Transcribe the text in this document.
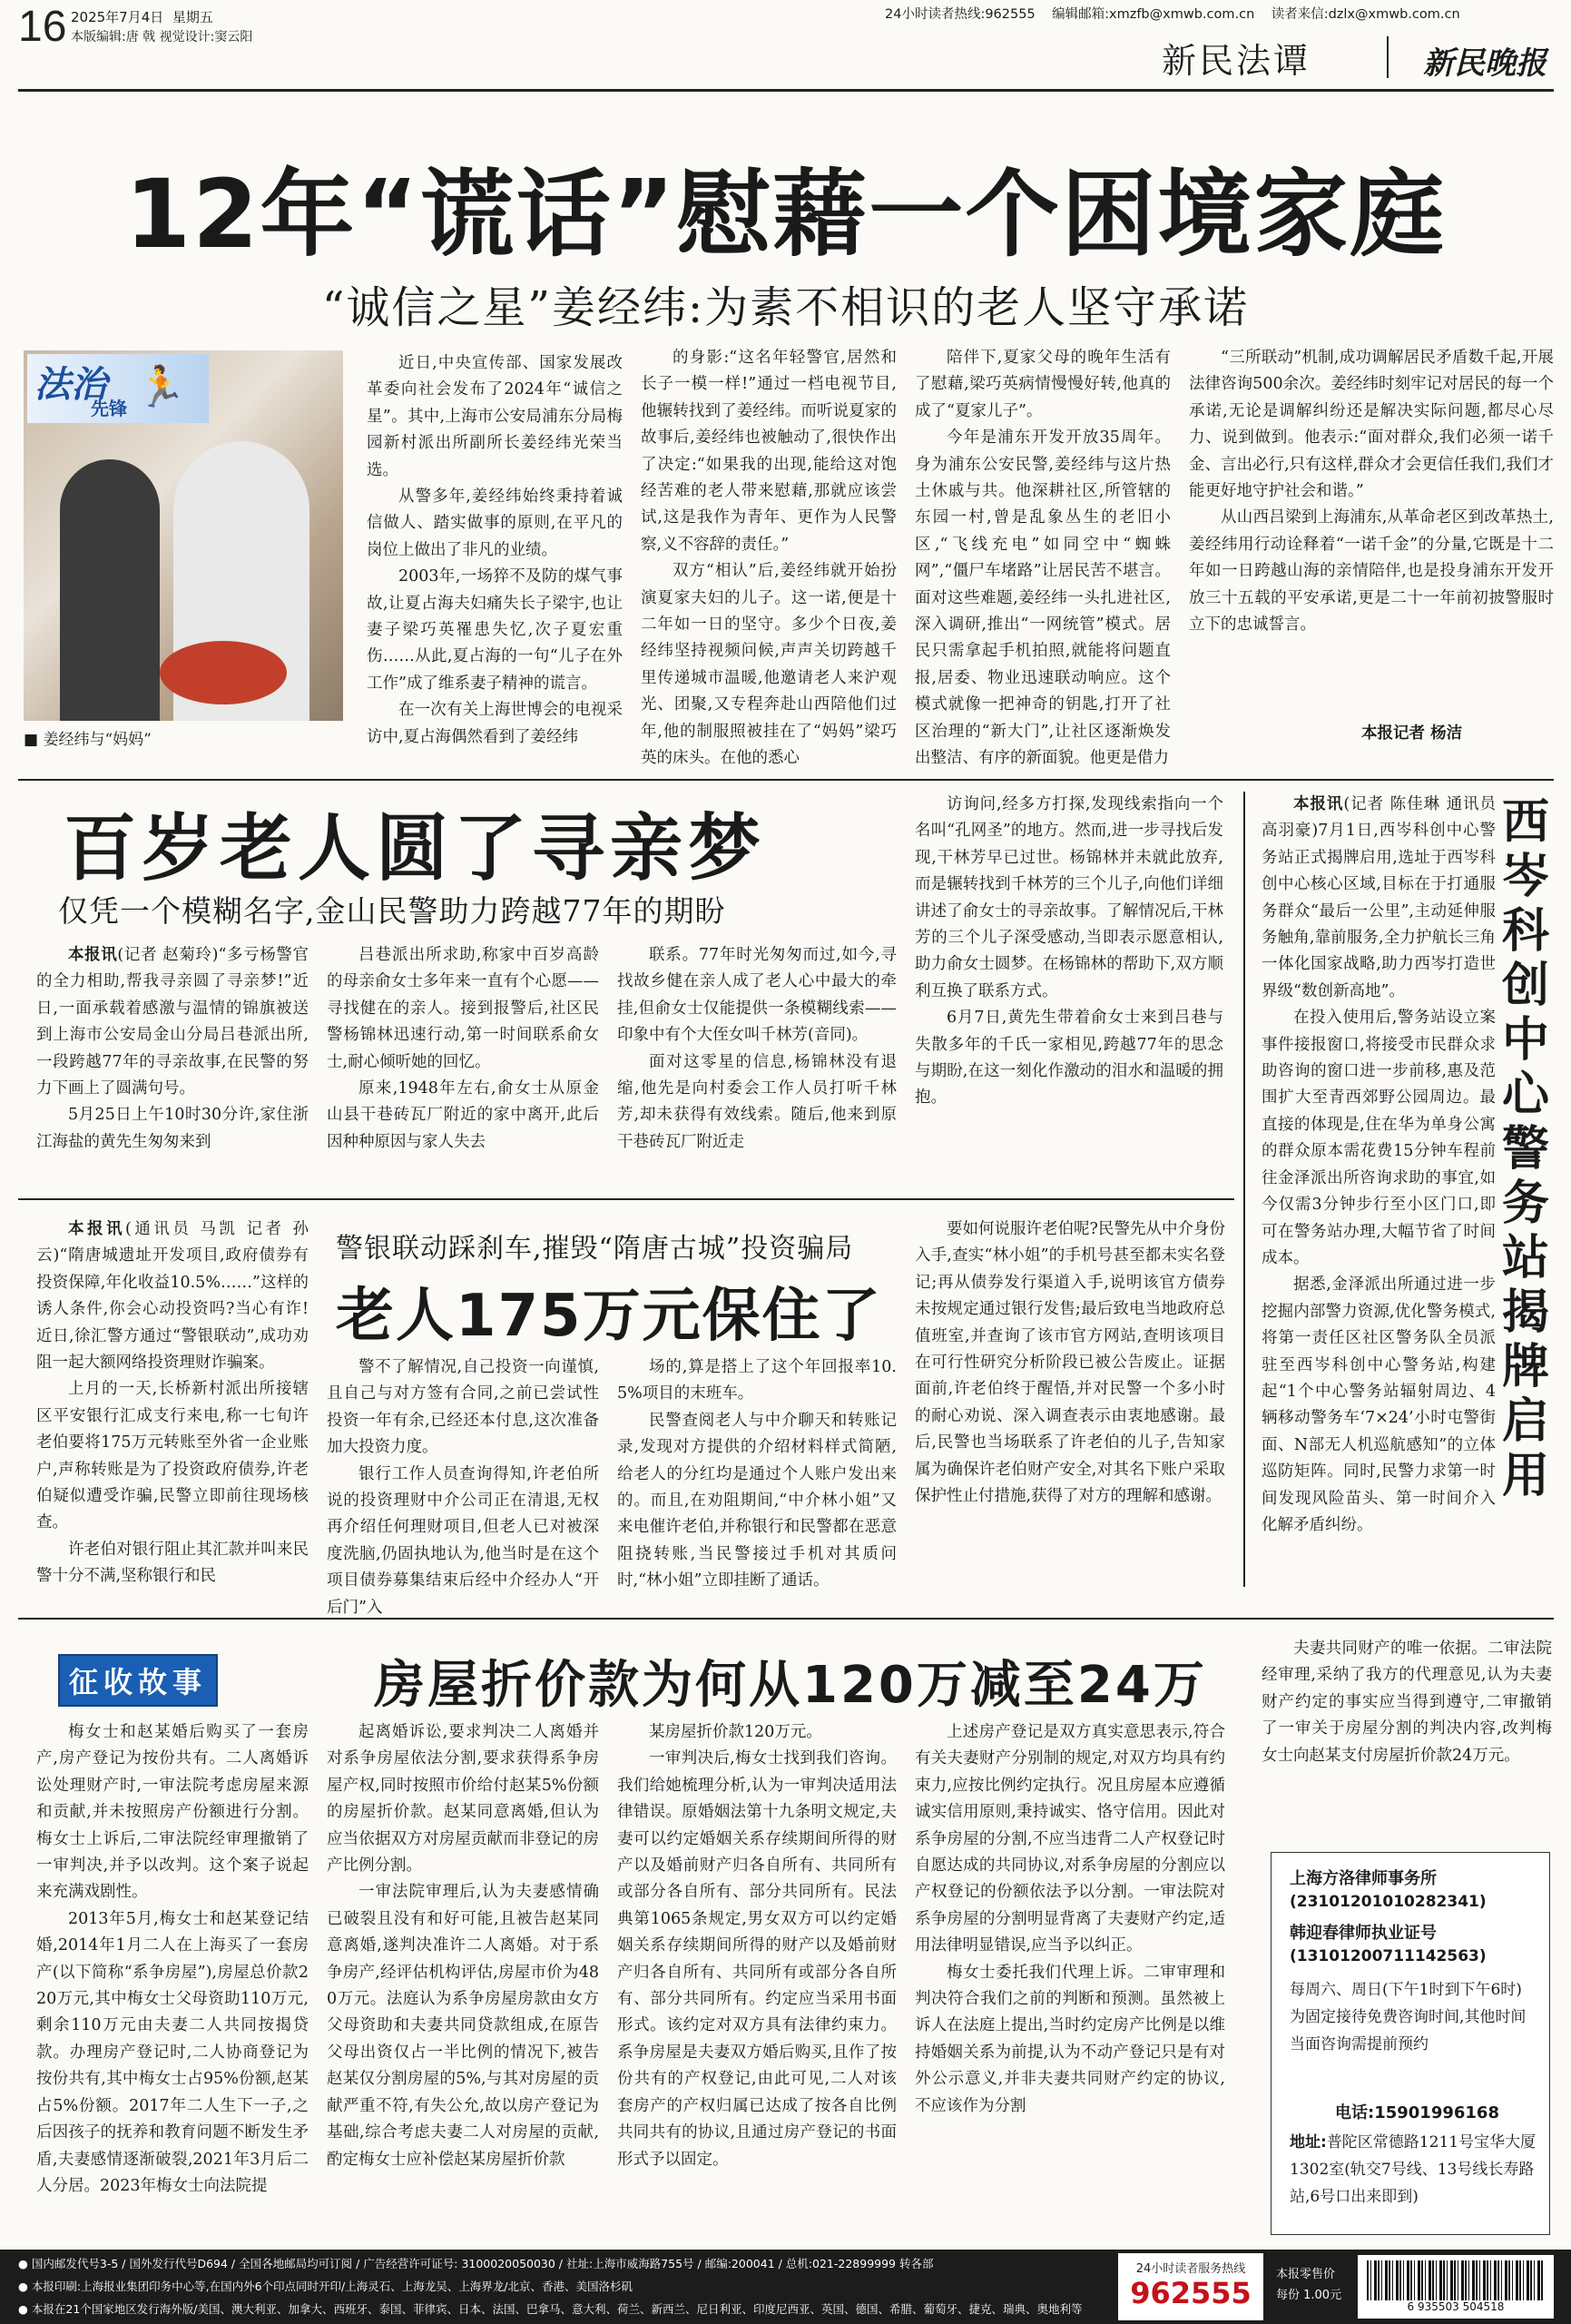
16 2025年7月4日 星期五
本版编辑:唐 戟 视觉设计:窦云阳
24小时读者热线:962555 编辑邮箱:xmzfb@xmwb.com.cn 读者来信:dzlx@xmwb.com.cn
新民法谭	新民晚报
12年“谎话”慰藉一个困境家庭
“诚信之星”姜经纬:为素不相识的老人坚守承诺
法治
先锋 🏃
■ 姜经纬与“妈妈”

近日,中央宣传部、国家发展改革委向社会发布了2024年“诚信之星”。其中,上海市公安局浦东分局梅园新村派出所副所长姜经纬光荣当选。

从警多年,姜经纬始终秉持着诚信做人、踏实做事的原则,在平凡的岗位上做出了非凡的业绩。

2003年,一场猝不及防的煤气事故,让夏占海夫妇痛失长子梁宇,也让妻子梁巧英罹患失忆,次子夏宏重伤……从此,夏占海的一句“儿子在外工作”成了维系妻子精神的谎言。

在一次有关上海世博会的电视采访中,夏占海偶然看到了姜经纬

的身影:“这名年轻警官,居然和长子一模一样!”通过一档电视节目,他辗转找到了姜经纬。而听说夏家的故事后,姜经纬也被触动了,很快作出了决定:“如果我的出现,能给这对饱经苦难的老人带来慰藉,那就应该尝试,这是我作为青年、更作为人民警察,义不容辞的责任。”

双方“相认”后,姜经纬就开始扮演夏家夫妇的儿子。这一诺,便是十二年如一日的坚守。多少个日夜,姜经纬坚持视频问候,声声关切跨越千里传递城市温暖,他邀请老人来沪观光、团聚,又专程奔赴山西陪他们过年,他的制服照被挂在了“妈妈”梁巧英的床头。在他的悉心

陪伴下,夏家父母的晚年生活有了慰藉,梁巧英病情慢慢好转,他真的成了“夏家儿子”。

今年是浦东开发开放35周年。身为浦东公安民警,姜经纬与这片热土休戚与共。他深耕社区,所管辖的东园一村,曾是乱象丛生的老旧小区,“飞线充电”如同空中“蜘蛛网”,“僵尸车堵路”让居民苦不堪言。面对这些难题,姜经纬一头扎进社区,深入调研,推出“一网统管”模式。居民只需拿起手机拍照,就能将问题直报,居委、物业迅速联动响应。这个模式就像一把神奇的钥匙,打开了社区治理的“新大门”,让社区逐渐焕发出整洁、有序的新面貌。他更是借力

“三所联动”机制,成功调解居民矛盾数千起,开展法律咨询500余次。姜经纬时刻牢记对居民的每一个承诺,无论是调解纠纷还是解决实际问题,都尽心尽力、说到做到。他表示:“面对群众,我们必须一诺千金、言出必行,只有这样,群众才会更信任我们,我们才能更好地守护社会和谐。”

从山西吕梁到上海浦东,从革命老区到改革热土,姜经纬用行动诠释着“一诺千金”的分量,它既是十二年如一日跨越山海的亲情陪伴,也是投身浦东开发开放三十五载的平安承诺,更是二十一年前初披警服时立下的忠诚誓言。

本报记者 杨洁
百岁老人圆了寻亲梦
仅凭一个模糊名字,金山民警助力跨越77年的期盼

本报讯(记者 赵菊玲)“多亏杨警官的全力相助,帮我寻亲圆了寻亲梦!”近日,一面承载着感激与温情的锦旗被送到上海市公安局金山分局吕巷派出所,一段跨越77年的寻亲故事,在民警的努力下画上了圆满句号。

5月25日上午10时30分许,家住浙江海盐的黄先生匆匆来到

吕巷派出所求助,称家中百岁高龄的母亲俞女士多年来一直有个心愿——寻找健在的亲人。接到报警后,社区民警杨锦林迅速行动,第一时间联系俞女士,耐心倾听她的回忆。

原来,1948年左右,俞女士从原金山县干巷砖瓦厂附近的家中离开,此后因种种原因与家人失去

联系。77年时光匆匆而过,如今,寻找故乡健在亲人成了老人心中最大的牵挂,但俞女士仅能提供一条模糊线索——印象中有个大侄女叫千林芳(音同)。

面对这零星的信息,杨锦林没有退缩,他先是向村委会工作人员打听千林芳,却未获得有效线索。随后,他来到原干巷砖瓦厂附近走

访询问,经多方打探,发现线索指向一个名叫“孔网圣”的地方。然而,进一步寻找后发现,干林芳早已过世。杨锦林并未就此放弃,而是辗转找到千林芳的三个儿子,向他们详细讲述了俞女士的寻亲故事。了解情况后,干林芳的三个儿子深受感动,当即表示愿意相认,助力俞女士圆梦。在杨锦林的帮助下,双方顺利互换了联系方式。

6月7日,黄先生带着俞女士来到吕巷与失散多年的千氏一家相见,跨越77年的思念与期盼,在这一刻化作激动的泪水和温暖的拥抱。

本报讯(记者 陈佳琳 通讯员 高羽豪)7月1日,西岑科创中心警务站正式揭牌启用,选址于西岑科创中心核心区域,目标在于打通服务群众“最后一公里”,主动延伸服务触角,靠前服务,全力护航长三角一体化国家战略,助力西岑打造世界级“数创新高地”。

在投入使用后,警务站设立案事件接报窗口,将接受市民群众求助咨询的窗口进一步前移,惠及范围扩大至青西郊野公园周边。最直接的体现是,住在华为单身公寓的群众原本需花费15分钟车程前往金泽派出所咨询求助的事宜,如今仅需3分钟步行至小区门口,即可在警务站办理,大幅节省了时间成本。

据悉,金泽派出所通过进一步挖掘内部警力资源,优化警务模式,将第一责任区社区警务队全员派驻至西岑科创中心警务站,构建起“1个中心警务站辐射周边、4辆移动警务车‘7×24’小时屯警街面、N部无人机巡航感知”的立体巡防矩阵。同时,民警力求第一时间发现风险苗头、第一时间介入化解矛盾纠纷。

西岑科创中心警务站揭牌启用

本报讯(通讯员 马凯 记者 孙云)“隋唐城遗址开发项目,政府债券有投资保障,年化收益10.5%……”这样的诱人条件,你会心动投资吗?当心有诈!近日,徐汇警方通过“警银联动”,成功劝阻一起大额网络投资理财诈骗案。

上月的一天,长桥新村派出所接辖区平安银行汇成支行来电,称一七旬许老伯要将175万元转账至外省一企业账户,声称转账是为了投资政府债券,许老伯疑似遭受诈骗,民警立即前往现场核查。

许老伯对银行阻止其汇款并叫来民警十分不满,坚称银行和民

警银联动踩刹车,摧毁“隋唐古城”投资骗局
老人175万元保住了

警不了解情况,自己投资一向谨慎,且自己与对方签有合同,之前已尝试性投资一年有余,已经还本付息,这次准备加大投资力度。

银行工作人员查询得知,许老伯所说的投资理财中介公司正在清退,无权再介绍任何理财项目,但老人已对被深度洗脑,仍固执地认为,他当时是在这个项目债券募集结束后经中介经办人“开后门”入

场的,算是搭上了这个年回报率10.5%项目的末班车。

民警查阅老人与中介聊天和转账记录,发现对方提供的介绍材料样式简陋,给老人的分红均是通过个人账户发出来的。而且,在劝阻期间,“中介林小姐”又来电催许老伯,并称银行和民警都在恶意阻挠转账,当民警接过手机对其质问时,“林小姐”立即挂断了通话。

要如何说服许老伯呢?民警先从中介身份入手,查实“林小姐”的手机号甚至都未实名登记;再从债券发行渠道入手,说明该官方债券未按规定通过银行发售;最后致电当地政府总值班室,并查询了该市官方网站,查明该项目在可行性研究分析阶段已被公告废止。证据面前,许老伯终于醒悟,并对民警一个多小时的耐心劝说、深入调查表示由衷地感谢。最后,民警也当场联系了许老伯的儿子,告知家属为确保许老伯财产安全,对其名下账户采取保护性止付措施,获得了对方的理解和感谢。

征收故事	房屋折价款为何从120万减至24万

梅女士和赵某婚后购买了一套房产,房产登记为按份共有。二人离婚诉讼处理财产时,一审法院考虑房屋来源和贡献,并未按照房产份额进行分割。梅女士上诉后,二审法院经审理撤销了一审判决,并予以改判。这个案子说起来充满戏剧性。

2013年5月,梅女士和赵某登记结婚,2014年1月二人在上海买了一套房产(以下简称“系争房屋”),房屋总价款220万元,其中梅女士父母资助110万元,剩余110万元由夫妻二人共同按揭贷款。办理房产登记时,二人协商登记为按份共有,其中梅女士占95%份额,赵某占5%份额。2017年二人生下一子,之后因孩子的抚养和教育问题不断发生矛盾,夫妻感情逐渐破裂,2021年3月后二人分居。2023年梅女士向法院提

起离婚诉讼,要求判决二人离婚并对系争房屋依法分割,要求获得系争房屋产权,同时按照市价给付赵某5%份额的房屋折价款。赵某同意离婚,但认为应当依据双方对房屋贡献而非登记的房产比例分割。

一审法院审理后,认为夫妻感情确已破裂且没有和好可能,且被告赵某同意离婚,遂判决准许二人离婚。对于系争房产,经评估机构评估,房屋市价为480万元。法庭认为系争房屋房款由女方父母资助和夫妻共同贷款组成,在原告父母出资仅占一半比例的情况下,被告赵某仅分割房屋的5%,与其对房屋的贡献严重不符,有失公允,故以房产登记为基础,综合考虑夫妻二人对房屋的贡献,酌定梅女士应补偿赵某房屋折价款

某房屋折价款120万元。

一审判决后,梅女士找到我们咨询。我们给她梳理分析,认为一审判决适用法律错误。原婚姻法第十九条明文规定,夫妻可以约定婚姻关系存续期间所得的财产以及婚前财产归各自所有、共同所有或部分各自所有、部分共同所有。民法典第1065条规定,男女双方可以约定婚姻关系存续期间所得的财产以及婚前财产归各自所有、共同所有或部分各自所有、部分共同所有。约定应当采用书面形式。该约定对双方具有法律约束力。系争房屋是夫妻双方婚后购买,且作了按份共有的产权登记,由此可见,二人对该套房产的产权归属已达成了按各自比例共同共有的协议,且通过房产登记的书面形式予以固定。

上述房产登记是双方真实意思表示,符合有关夫妻财产分别制的规定,对双方均具有约束力,应按比例约定执行。况且房屋本应遵循诚实信用原则,秉持诚实、恪守信用。因此对系争房屋的分割,不应当违背二人产权登记时自愿达成的共同协议,对系争房屋的分割应以产权登记的份额依法予以分割。一审法院对系争房屋的分割明显背离了夫妻财产约定,适用法律明显错误,应当予以纠正。

梅女士委托我们代理上诉。二审审理和判决符合我们之前的判断和预测。虽然被上诉人在法庭上提出,当时约定房产比例是以维持婚姻关系为前提,认为不动产登记只是有对外公示意义,并非夫妻共同财产约定的协议,不应该作为分割

夫妻共同财产的唯一依据。二审法院经审理,采纳了我方的代理意见,认为夫妻财产约定的事实应当得到遵守,二审撤销了一审关于房屋分割的判决内容,改判梅女士向赵某支付房屋折价款24万元。

上海方洛律师事务所
(23101201010282341)
韩迎春律师执业证号
(13101200711142563)
每周六、周日(下午1时到下午6时)为固定接待免费咨询时间,其他时间当面咨询需提前预约
电话:15901996168
地址:普陀区常德路1211号宝华大厦1302室(轨交7号线、13号线长寿路站,6号口出来即到)
● 国内邮发代号3-5 / 国外发行代号D694 / 全国各地邮局均可订阅 / 广告经营许可证号: 3100020050030 / 社址:上海市威海路755号 / 邮编:200041 / 总机:021-22899999 转各部
● 本报印刷:上海报业集团印务中心等,在国内外6个印点同时开印/上海灵石、上海龙吴、上海界龙/北京、香港、美国洛杉矶
● 本报在21个国家地区发行海外版/美国、澳大利亚、加拿大、西班牙、泰国、菲律宾、日本、法国、巴拿马、意大利、荷兰、新西兰、尼日利亚、印度尼西亚、英国、德国、希腊、葡萄牙、捷克、瑞典、奥地利等
24小时读者服务热线
962555
本报零售价
每份 1.00元
6 935503 504518
